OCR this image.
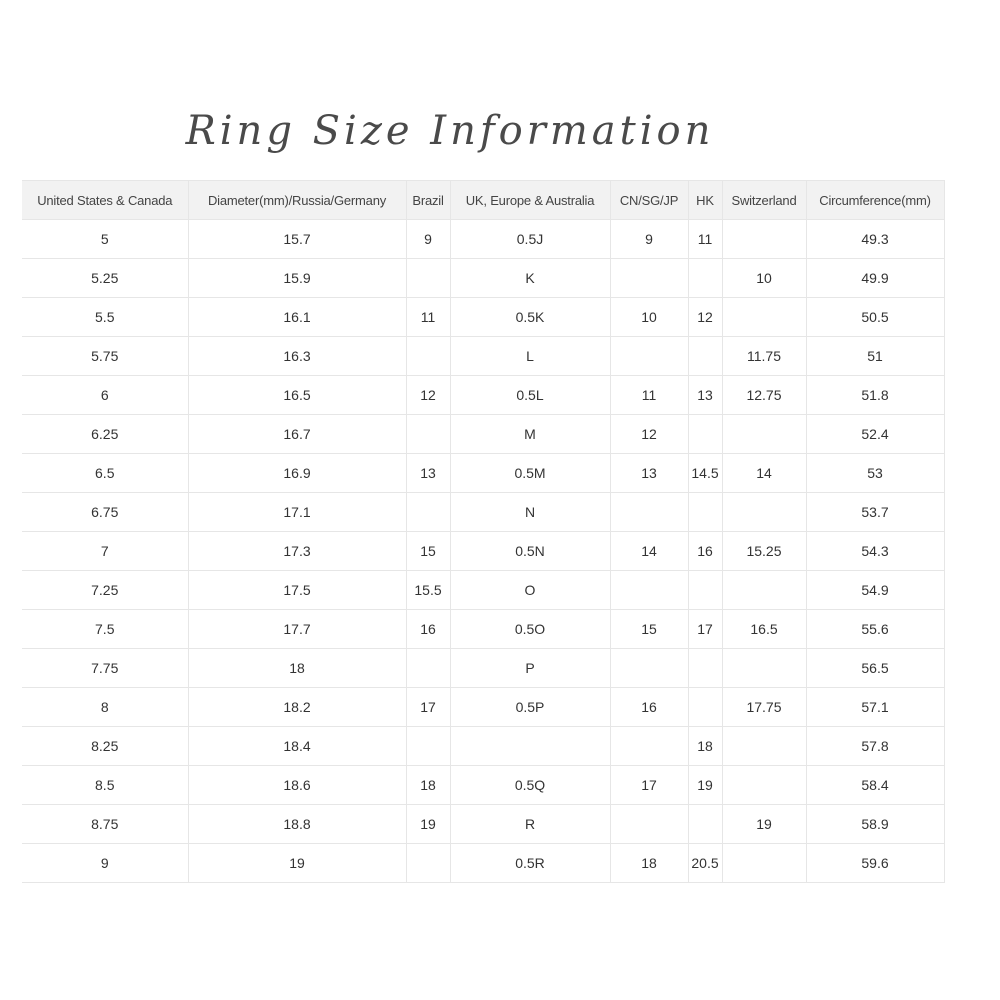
Ring Size Information
United States & Canada	Diameter(mm)/Russia/Germany	Brazil	UK, Europe & Australia	CN/SG/JP	HK	Switzerland	Circumference(mm)
5	15.7	9	0.5J	9	11		49.3
5.25	15.9		K			10	49.9
5.5	16.1	11	0.5K	10	12		50.5
5.75	16.3		L			11.75	51
6	16.5	12	0.5L	11	13	12.75	51.8
6.25	16.7		M	12			52.4
6.5	16.9	13	0.5M	13	14.5	14	53
6.75	17.1		N				53.7
7	17.3	15	0.5N	14	16	15.25	54.3
7.25	17.5	15.5	O				54.9
7.5	17.7	16	0.5O	15	17	16.5	55.6
7.75	18		P				56.5
8	18.2	17	0.5P	16		17.75	57.1
8.25	18.4				18		57.8
8.5	18.6	18	0.5Q	17	19		58.4
8.75	18.8	19	R			19	58.9
9	19		0.5R	18	20.5		59.6
